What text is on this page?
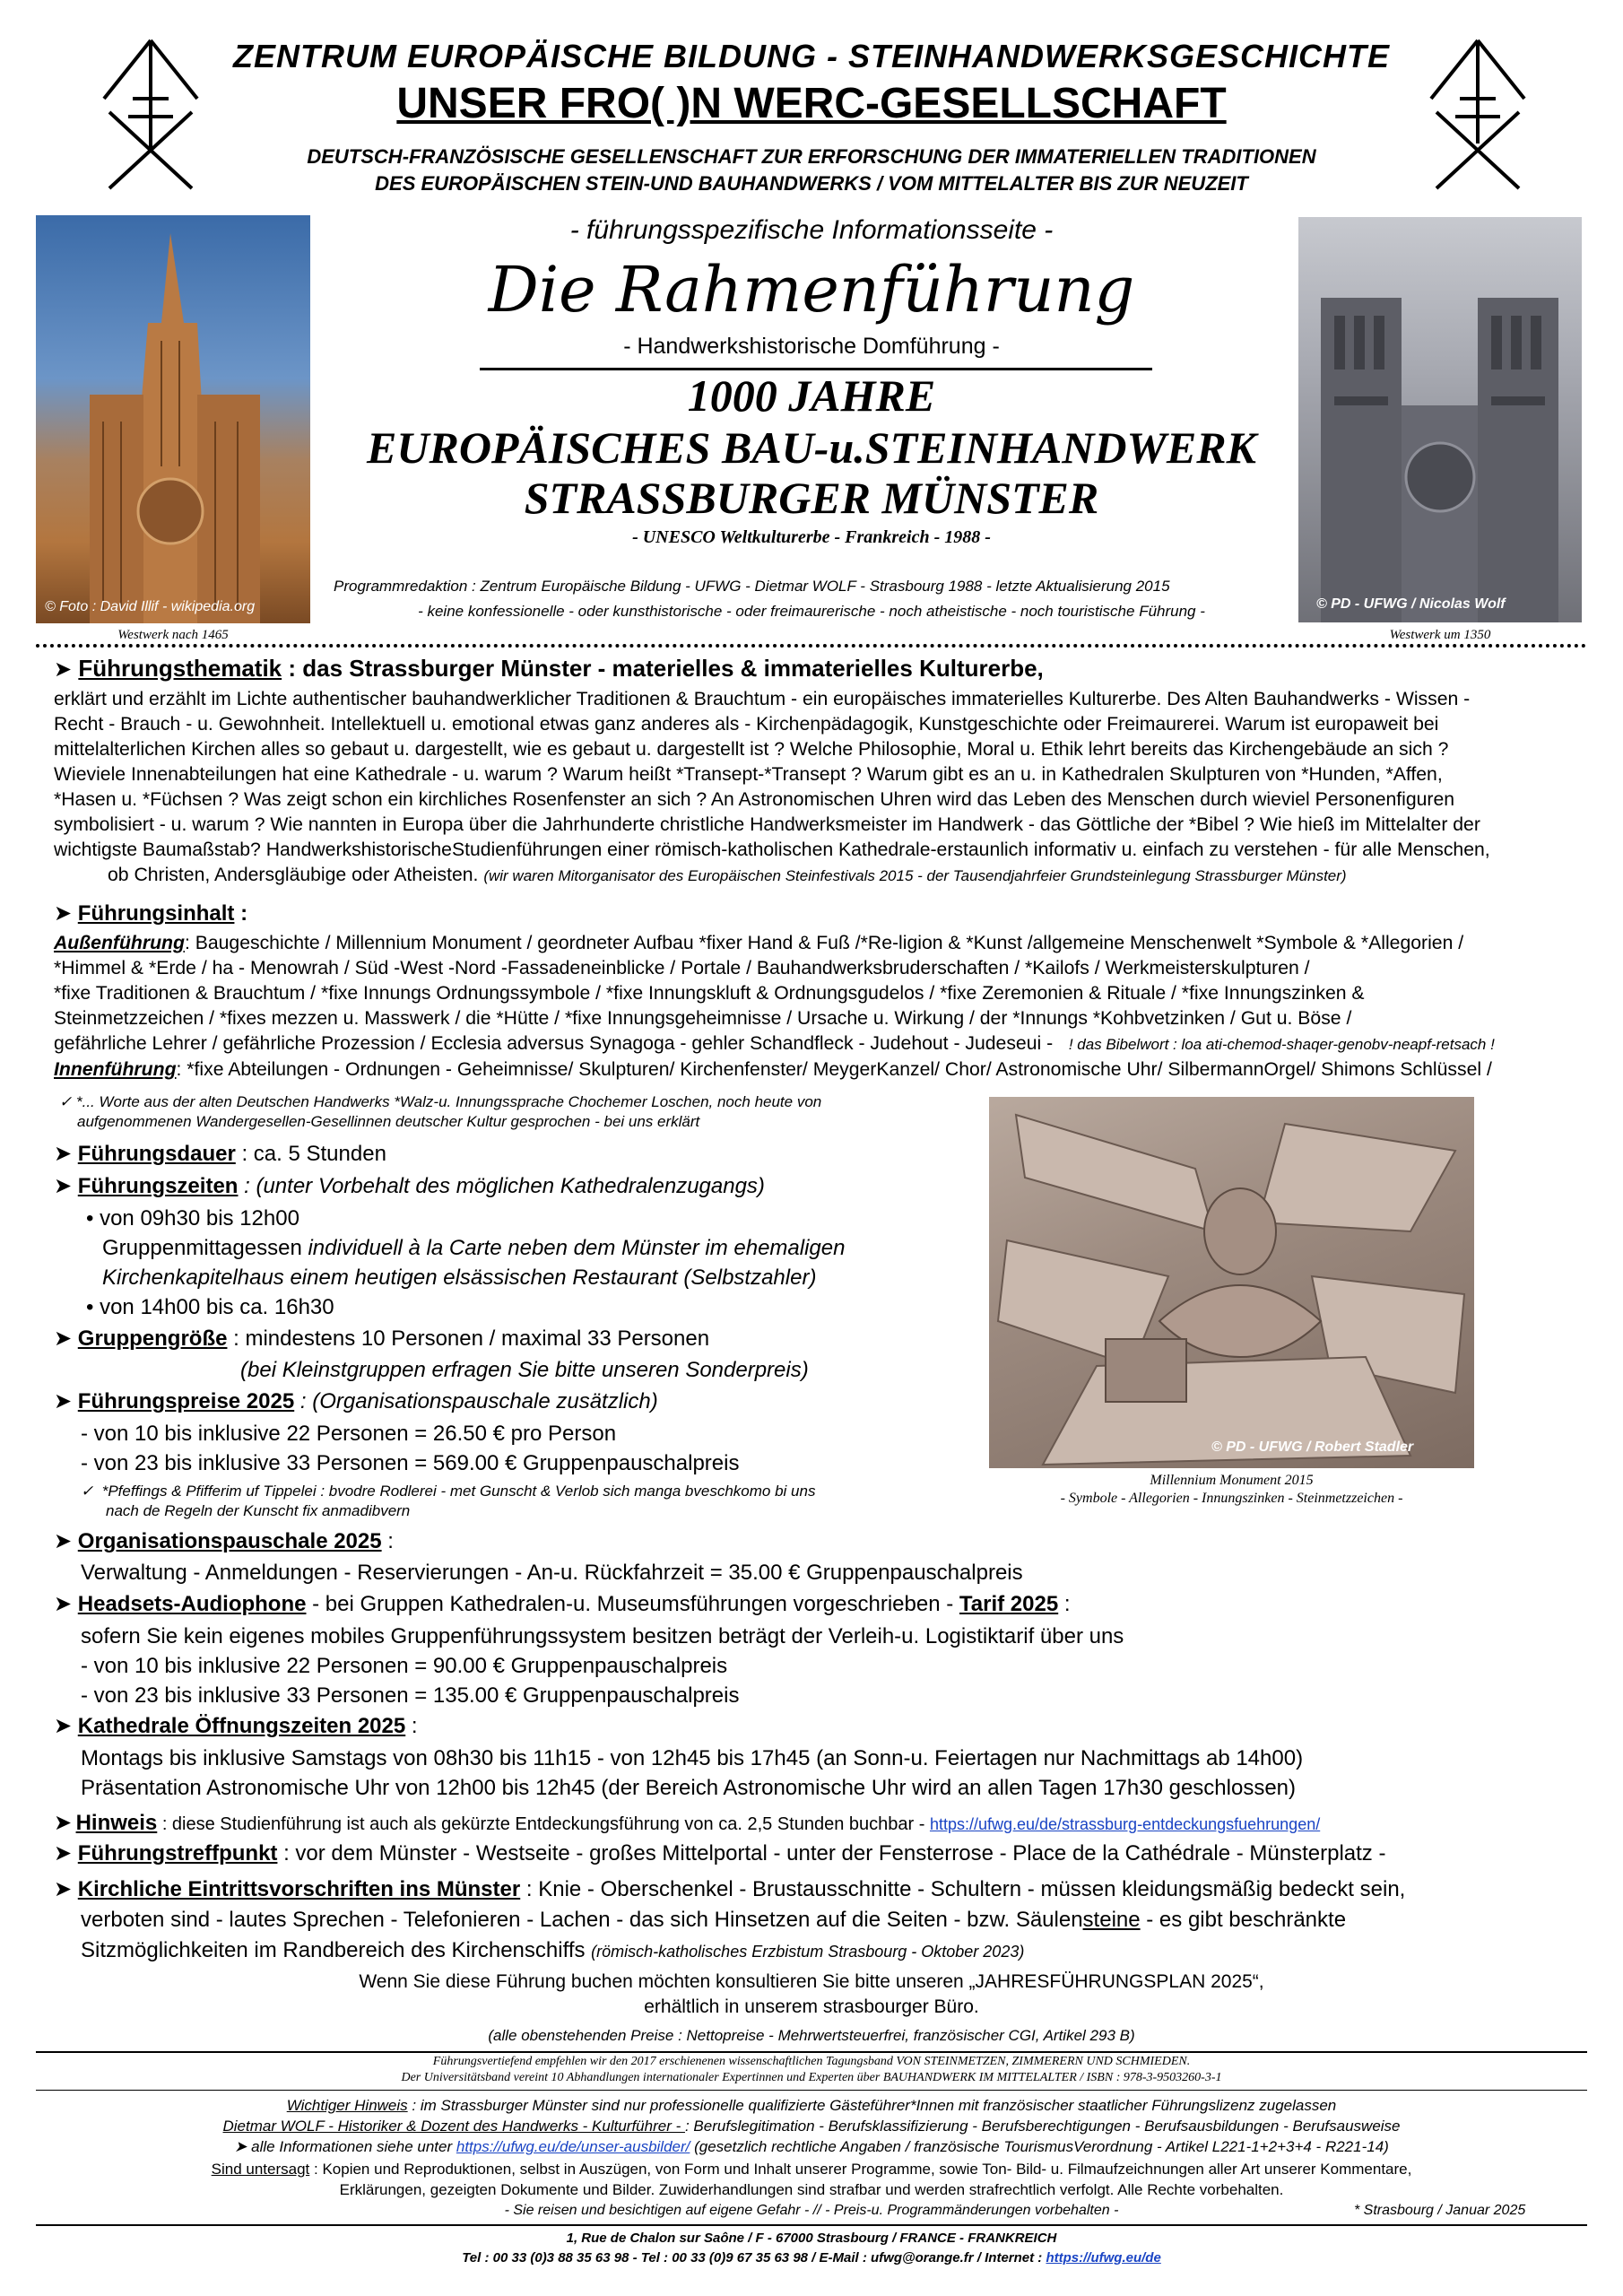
ZENTRUM EUROPÄISCHE BILDUNG - STEINHANDWERKSGESCHICHTE
UNSER FRO( )N WERC-GESELLSCHAFT
DEUTSCH-FRANZÖSISCHE GESELLENSCHAFT ZUR ERFORSCHUNG DER IMMATERIELLEN TRADITIONEN
DES EUROPÄISCHEN STEIN-UND BAUHANDWERKS / VOM MITTELALTER BIS ZUR NEUZEIT
© Foto : David Illif - wikipedia.org
Westwerk nach 1465
© PD - UFWG / Nicolas Wolf
Westwerk um 1350
- führungsspezifische Informationsseite -
Die Rahmenführung
- Handwerkshistorische Domführung -
1000 JAHRE
EUROPÄISCHES BAU-u.STEINHANDWERK
STRASSBURGER MÜNSTER
- UNESCO Weltkulturerbe - Frankreich - 1988 -
Programmredaktion : Zentrum Europäische Bildung - UFWG - Dietmar WOLF - Strasbourg 1988 - letzte Aktualisierung 2015
- keine konfessionelle - oder kunsthistorische - oder freimaurerische - noch atheistische - noch touristische Führung -
➤ Führungsthematik : das Strassburger Münster - materielles & immaterielles Kulturerbe,
erklärt und erzählt im Lichte authentischer bauhandwerklicher Traditionen & Brauchtum - ein europäisches immaterielles Kulturerbe. Des Alten Bauhandwerks - Wissen -
Recht - Brauch - u. Gewohnheit. Intellektuell u. emotional etwas ganz anderes als - Kirchenpädagogik, Kunstgeschichte oder Freimaurerei. Warum ist europaweit bei
mittelalterlichen Kirchen alles so gebaut u. dargestellt, wie es gebaut u. dargestellt ist ? Welche Philosophie, Moral u. Ethik lehrt bereits das Kirchengebäude an sich ?
Wieviele Innenabteilungen hat eine Kathedrale - u. warum ? Warum heißt *Transept-*Transept ? Warum gibt es an u. in Kathedralen Skulpturen von *Hunden, *Affen,
*Hasen u. *Füchsen ? Was zeigt schon ein kirchliches Rosenfenster an sich ? An Astronomischen Uhren wird das Leben des Menschen durch wieviel Personenfiguren
symbolisiert - u. warum ? Wie nannten in Europa über die Jahrhunderte christliche Handwerksmeister im Handwerk - das Göttliche der *Bibel ? Wie hieß im Mittelalter der
wichtigste Baumaßstab? HandwerkshistorischeStudienführungen einer römisch-katholischen Kathedrale-erstaunlich informativ u. einfach zu verstehen - für alle Menschen,
ob Christen, Andersgläubige oder Atheisten. (wir waren Mitorganisator des Europäischen Steinfestivals 2015 - der Tausendjahrfeier Grundsteinlegung Strassburger Münster)
➤ Führungsinhalt :
Außenführung: Baugeschichte / Millennium Monument / geordneter Aufbau *fixer Hand & Fuß /*Re-ligion & *Kunst /allgemeine Menschenwelt *Symbole & *Allegorien /
*Himmel & *Erde / ha - Menowrah / Süd -West -Nord -Fassadeneinblicke / Portale / Bauhandwerksbruderschaften / *Kailofs / Werkmeisterskulpturen /
*fixe Traditionen & Brauchtum / *fixe Innungs Ordnungssymbole / *fixe Innungskluft & Ordnungsgudelos / *fixe Zeremonien & Rituale / *fixe Innungszinken &
Steinmetzzeichen / *fixes mezzen u. Masswerk / die *Hütte / *fixe Innungsgeheimnisse / Ursache u. Wirkung / der *Innungs *Kohbvetzinken / Gut u. Böse /
gefährliche Lehrer / gefährliche Prozession / Ecclesia adversus Synagoga - gehler Schandfleck - Judehout - Judeseui - ! das Bibelwort : loa ati-chemod-shaqer-genobv-neapf-retsach !
Innenführung: *fixe Abteilungen - Ordnungen - Geheimnisse/ Skulpturen/ Kirchenfenster/ MeygerKanzel/ Chor/ Astronomische Uhr/ SilbermannOrgel/ Shimons Schlüssel /
✓ *... Worte aus der alten Deutschen Handwerks *Walz-u. Innungssprache Chochemer Loschen, noch heute von
aufgenommenen Wandergesellen-Gesellinnen deutscher Kultur gesprochen - bei uns erklärt
© PD - UFWG / Robert Stadler
Millennium Monument 2015
- Symbole - Allegorien - Innungszinken - Steinmetzzeichen -
➤ Führungsdauer : ca. 5 Stunden
➤ Führungszeiten : (unter Vorbehalt des möglichen Kathedralenzugangs)
• von 09h30 bis 12h00
Gruppenmittagessen individuell à la Carte neben dem Münster im ehemaligen
Kirchenkapitelhaus einem heutigen elsässischen Restaurant (Selbstzahler)
• von 14h00 bis ca. 16h30
➤ Gruppengröße : mindestens 10 Personen / maximal 33 Personen
(bei Kleinstgruppen erfragen Sie bitte unseren Sonderpreis)
➤ Führungspreise 2025 : (Organisationspauschale zusätzlich)
- von 10 bis inklusive 22 Personen = 26.50 € pro Person
- von 23 bis inklusive 33 Personen = 569.00 € Gruppenpauschalpreis
✓ *Pfeffings & Pfifferim uf Tippelei : bvodre Rodlerei - met Gunscht & Verlob sich manga bveschkomo bi uns
nach de Regeln der Kunscht fix anmadibvern
➤ Organisationspauschale 2025 :
Verwaltung - Anmeldungen - Reservierungen - An-u. Rückfahrzeit = 35.00 € Gruppenpauschalpreis
➤ Headsets-Audiophone - bei Gruppen Kathedralen-u. Museumsführungen vorgeschrieben - Tarif 2025 :
sofern Sie kein eigenes mobiles Gruppenführungssystem besitzen beträgt der Verleih-u. Logistiktarif über uns
- von 10 bis inklusive 22 Personen = 90.00 € Gruppenpauschalpreis
- von 23 bis inklusive 33 Personen = 135.00 € Gruppenpauschalpreis
➤ Kathedrale Öffnungszeiten 2025 :
Montags bis inklusive Samstags von 08h30 bis 11h15 - von 12h45 bis 17h45 (an Sonn-u. Feiertagen nur Nachmittags ab 14h00)
Präsentation Astronomische Uhr von 12h00 bis 12h45 (der Bereich Astronomische Uhr wird an allen Tagen 17h30 geschlossen)
➤ Hinweis : diese Studienführung ist auch als gekürzte Entdeckungsführung von ca. 2,5 Stunden buchbar - https://ufwg.eu/de/strassburg-entdeckungsfuehrungen/
➤ Führungstreffpunkt : vor dem Münster - Westseite - großes Mittelportal - unter der Fensterrose - Place de la Cathédrale - Münsterplatz -
➤ Kirchliche Eintrittsvorschriften ins Münster : Knie - Oberschenkel - Brustausschnitte - Schultern - müssen kleidungsmäßig bedeckt sein,
verboten sind - lautes Sprechen - Telefonieren - Lachen - das sich Hinsetzen auf die Seiten - bzw. Säulensteine - es gibt beschränkte
Sitzmöglichkeiten im Randbereich des Kirchenschiffs (römisch-katholisches Erzbistum Strasbourg - Oktober 2023)
Wenn Sie diese Führung buchen möchten konsultieren Sie bitte unseren „JAHRESFÜHRUNGSPLAN 2025“,
erhältlich in unserem strasbourger Büro.
(alle obenstehenden Preise : Nettopreise - Mehrwertsteuerfrei, französischer CGI, Artikel 293 B)
Führungsvertiefend empfehlen wir den 2017 erschienenen wissenschaftlichen Tagungsband VON STEINMETZEN, ZIMMERERN UND SCHMIEDEN.
Der Universitätsband vereint 10 Abhandlungen internationaler Expertinnen und Experten über BAUHANDWERK IM MITTELALTER / ISBN : 978-3-9503260-3-1
Wichtiger Hinweis : im Strassburger Münster sind nur professionelle qualifizierte Gästeführer*Innen mit französischer staatlicher Führungslizenz zugelassen
Dietmar WOLF - Historiker & Dozent des Handwerks - Kulturführer - : Berufslegitimation - Berufsklassifizierung - Berufsberechtigungen - Berufsausbildungen - Berufsausweise
➤ alle Informationen siehe unter https://ufwg.eu/de/unser-ausbilder/ (gesetzlich rechtliche Angaben / französische TourismusVerordnung - Artikel L221-1+2+3+4 - R221-14)
Sind untersagt : Kopien und Reproduktionen, selbst in Auszügen, von Form und Inhalt unserer Programme, sowie Ton- Bild- u. Filmaufzeichnungen aller Art unserer Kommentare,
Erklärungen, gezeigten Dokumente und Bilder. Zuwiderhandlungen sind strafbar und werden strafrechtlich verfolgt. Alle Rechte vorbehalten.
- Sie reisen und besichtigen auf eigene Gefahr - // - Preis-u. Programmänderungen vorbehalten -	* Strasbourg / Januar 2025
1, Rue de Chalon sur Saône / F - 67000 Strasbourg / FRANCE - FRANKREICH
Tel : 00 33 (0)3 88 35 63 98 - Tel : 00 33 (0)9 67 35 63 98 / E-Mail : ufwg@orange.fr / Internet : https://ufwg.eu/de
